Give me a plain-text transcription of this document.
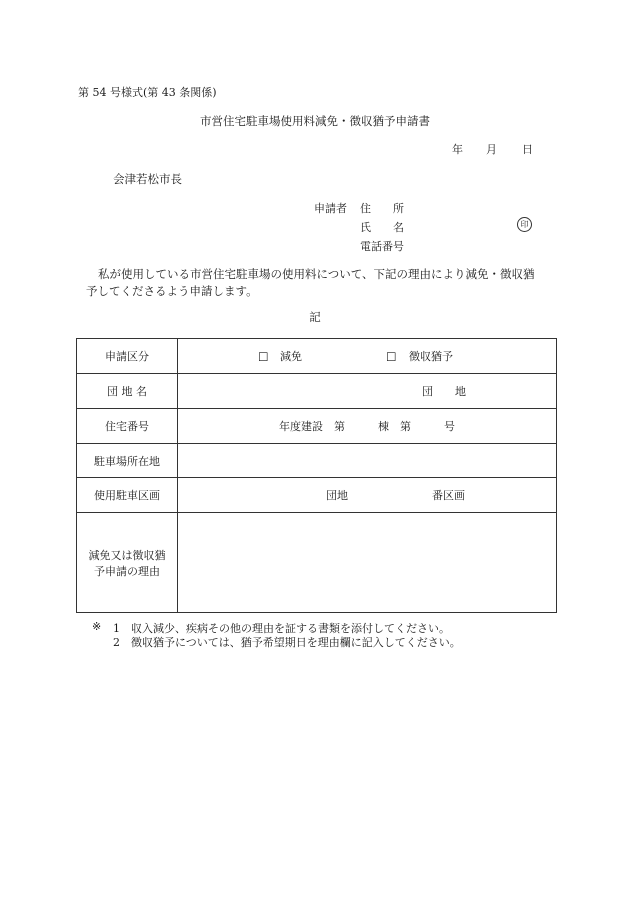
第 54 号様式(第 43 条関係)
市営住宅駐車場使用料減免・徴収猶予申請書
年 月 日
会津若松市長
申請者 住　　所
氏　　名	印
電話番号
私が使用している市営住宅駐車場の使用料について、下記の理由により減免・徴収猶
予してくださるよう申請します。
記
申請区分	□ 減免 □ 徴収猶予

団 地 名	団　　地

住宅番号	年度建設　第　　　棟　第　　　号

駐車場所在地	
使用駐車区画	団地 番区画

減免又は徴収猶
予申請の理由	

※ 1　収入減少、疾病その他の理由を証する書類を添付してください。
2　徴収猶予については、猶予希望期日を理由欄に記入してください。
